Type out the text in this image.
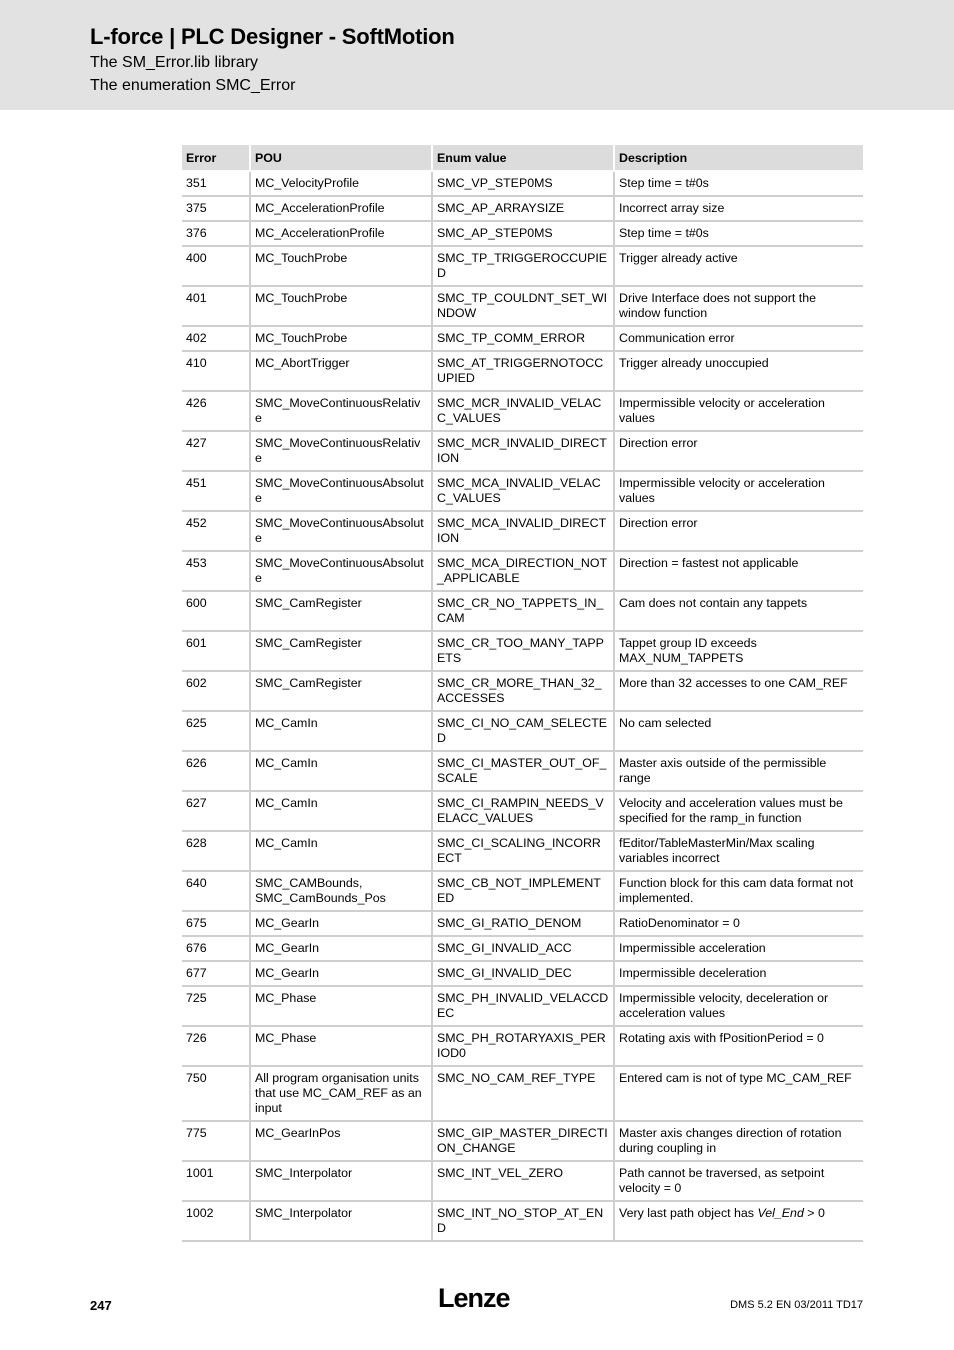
L-force | PLC Designer - SoftMotion
The SM_Error.lib library
The enumeration SMC_Error
Error	POU	Enum value	Description
351	MC_VelocityProfile	SMC_VP_STEP0MS	Step time = t#0s
375	MC_AccelerationProfile	SMC_AP_ARRAYSIZE	Incorrect array size
376	MC_AccelerationProfile	SMC_AP_STEP0MS	Step time = t#0s
400	MC_TouchProbe	SMC_TP_TRIGGEROCCUPIED	Trigger already active
401	MC_TouchProbe	SMC_TP_COULDNT_SET_WINDOW	Drive Interface does not support the window function
402	MC_TouchProbe	SMC_TP_COMM_ERROR	Communication error
410	MC_AbortTrigger	SMC_AT_TRIGGERNOTOCCUPIED	Trigger already unoccupied
426	SMC_MoveContinuousRelative	SMC_MCR_INVALID_VELACC_VALUES	Impermissible velocity or acceleration values
427	SMC_MoveContinuousRelative	SMC_MCR_INVALID_DIRECTION	Direction error
451	SMC_MoveContinuousAbsolute	SMC_MCA_INVALID_VELACC_VALUES	Impermissible velocity or acceleration values
452	SMC_MoveContinuousAbsolute	SMC_MCA_INVALID_DIRECTION	Direction error
453	SMC_MoveContinuousAbsolute	SMC_MCA_DIRECTION_NOT_APPLICABLE	Direction = fastest not applicable
600	SMC_CamRegister	SMC_CR_NO_TAPPETS_IN_CAM	Cam does not contain any tappets
601	SMC_CamRegister	SMC_CR_TOO_MANY_TAPPETS	Tappet group ID exceeds MAX_NUM_TAPPETS
602	SMC_CamRegister	SMC_CR_MORE_THAN_32_ACCESSES	More than 32 accesses to one CAM_REF
625	MC_CamIn	SMC_CI_NO_CAM_SELECTED	No cam selected
626	MC_CamIn	SMC_CI_MASTER_OUT_OF_SCALE	Master axis outside of the permissible range
627	MC_CamIn	SMC_CI_RAMPIN_NEEDS_VELACC_VALUES	Velocity and acceleration values must be specified for the ramp_in function
628	MC_CamIn	SMC_CI_SCALING_INCORRECT	fEditor/TableMasterMin/Max scaling variables incorrect
640	SMC_CAMBounds, SMC_CamBounds_Pos	SMC_CB_NOT_IMPLEMENTED	Function block for this cam data format not implemented.
675	MC_GearIn	SMC_GI_RATIO_DENOM	RatioDenominator = 0
676	MC_GearIn	SMC_GI_INVALID_ACC	Impermissible acceleration
677	MC_GearIn	SMC_GI_INVALID_DEC	Impermissible deceleration
725	MC_Phase	SMC_PH_INVALID_VELACCDEC	Impermissible velocity, deceleration or acceleration values
726	MC_Phase	SMC_PH_ROTARYAXIS_PERIOD0	Rotating axis with fPositionPeriod = 0
750	All program organisation units that use MC_CAM_REF as an input	SMC_NO_CAM_REF_TYPE	Entered cam is not of type MC_CAM_REF
775	MC_GearInPos	SMC_GIP_MASTER_DIRECTION_CHANGE	Master axis changes direction of rotation during coupling in
1001	SMC_Interpolator	SMC_INT_VEL_ZERO	Path cannot be traversed, as setpoint velocity = 0
1002	SMC_Interpolator	SMC_INT_NO_STOP_AT_END	Very last path object has Vel_End > 0
247	Lenze	DMS 5.2 EN 03/2011 TD17
